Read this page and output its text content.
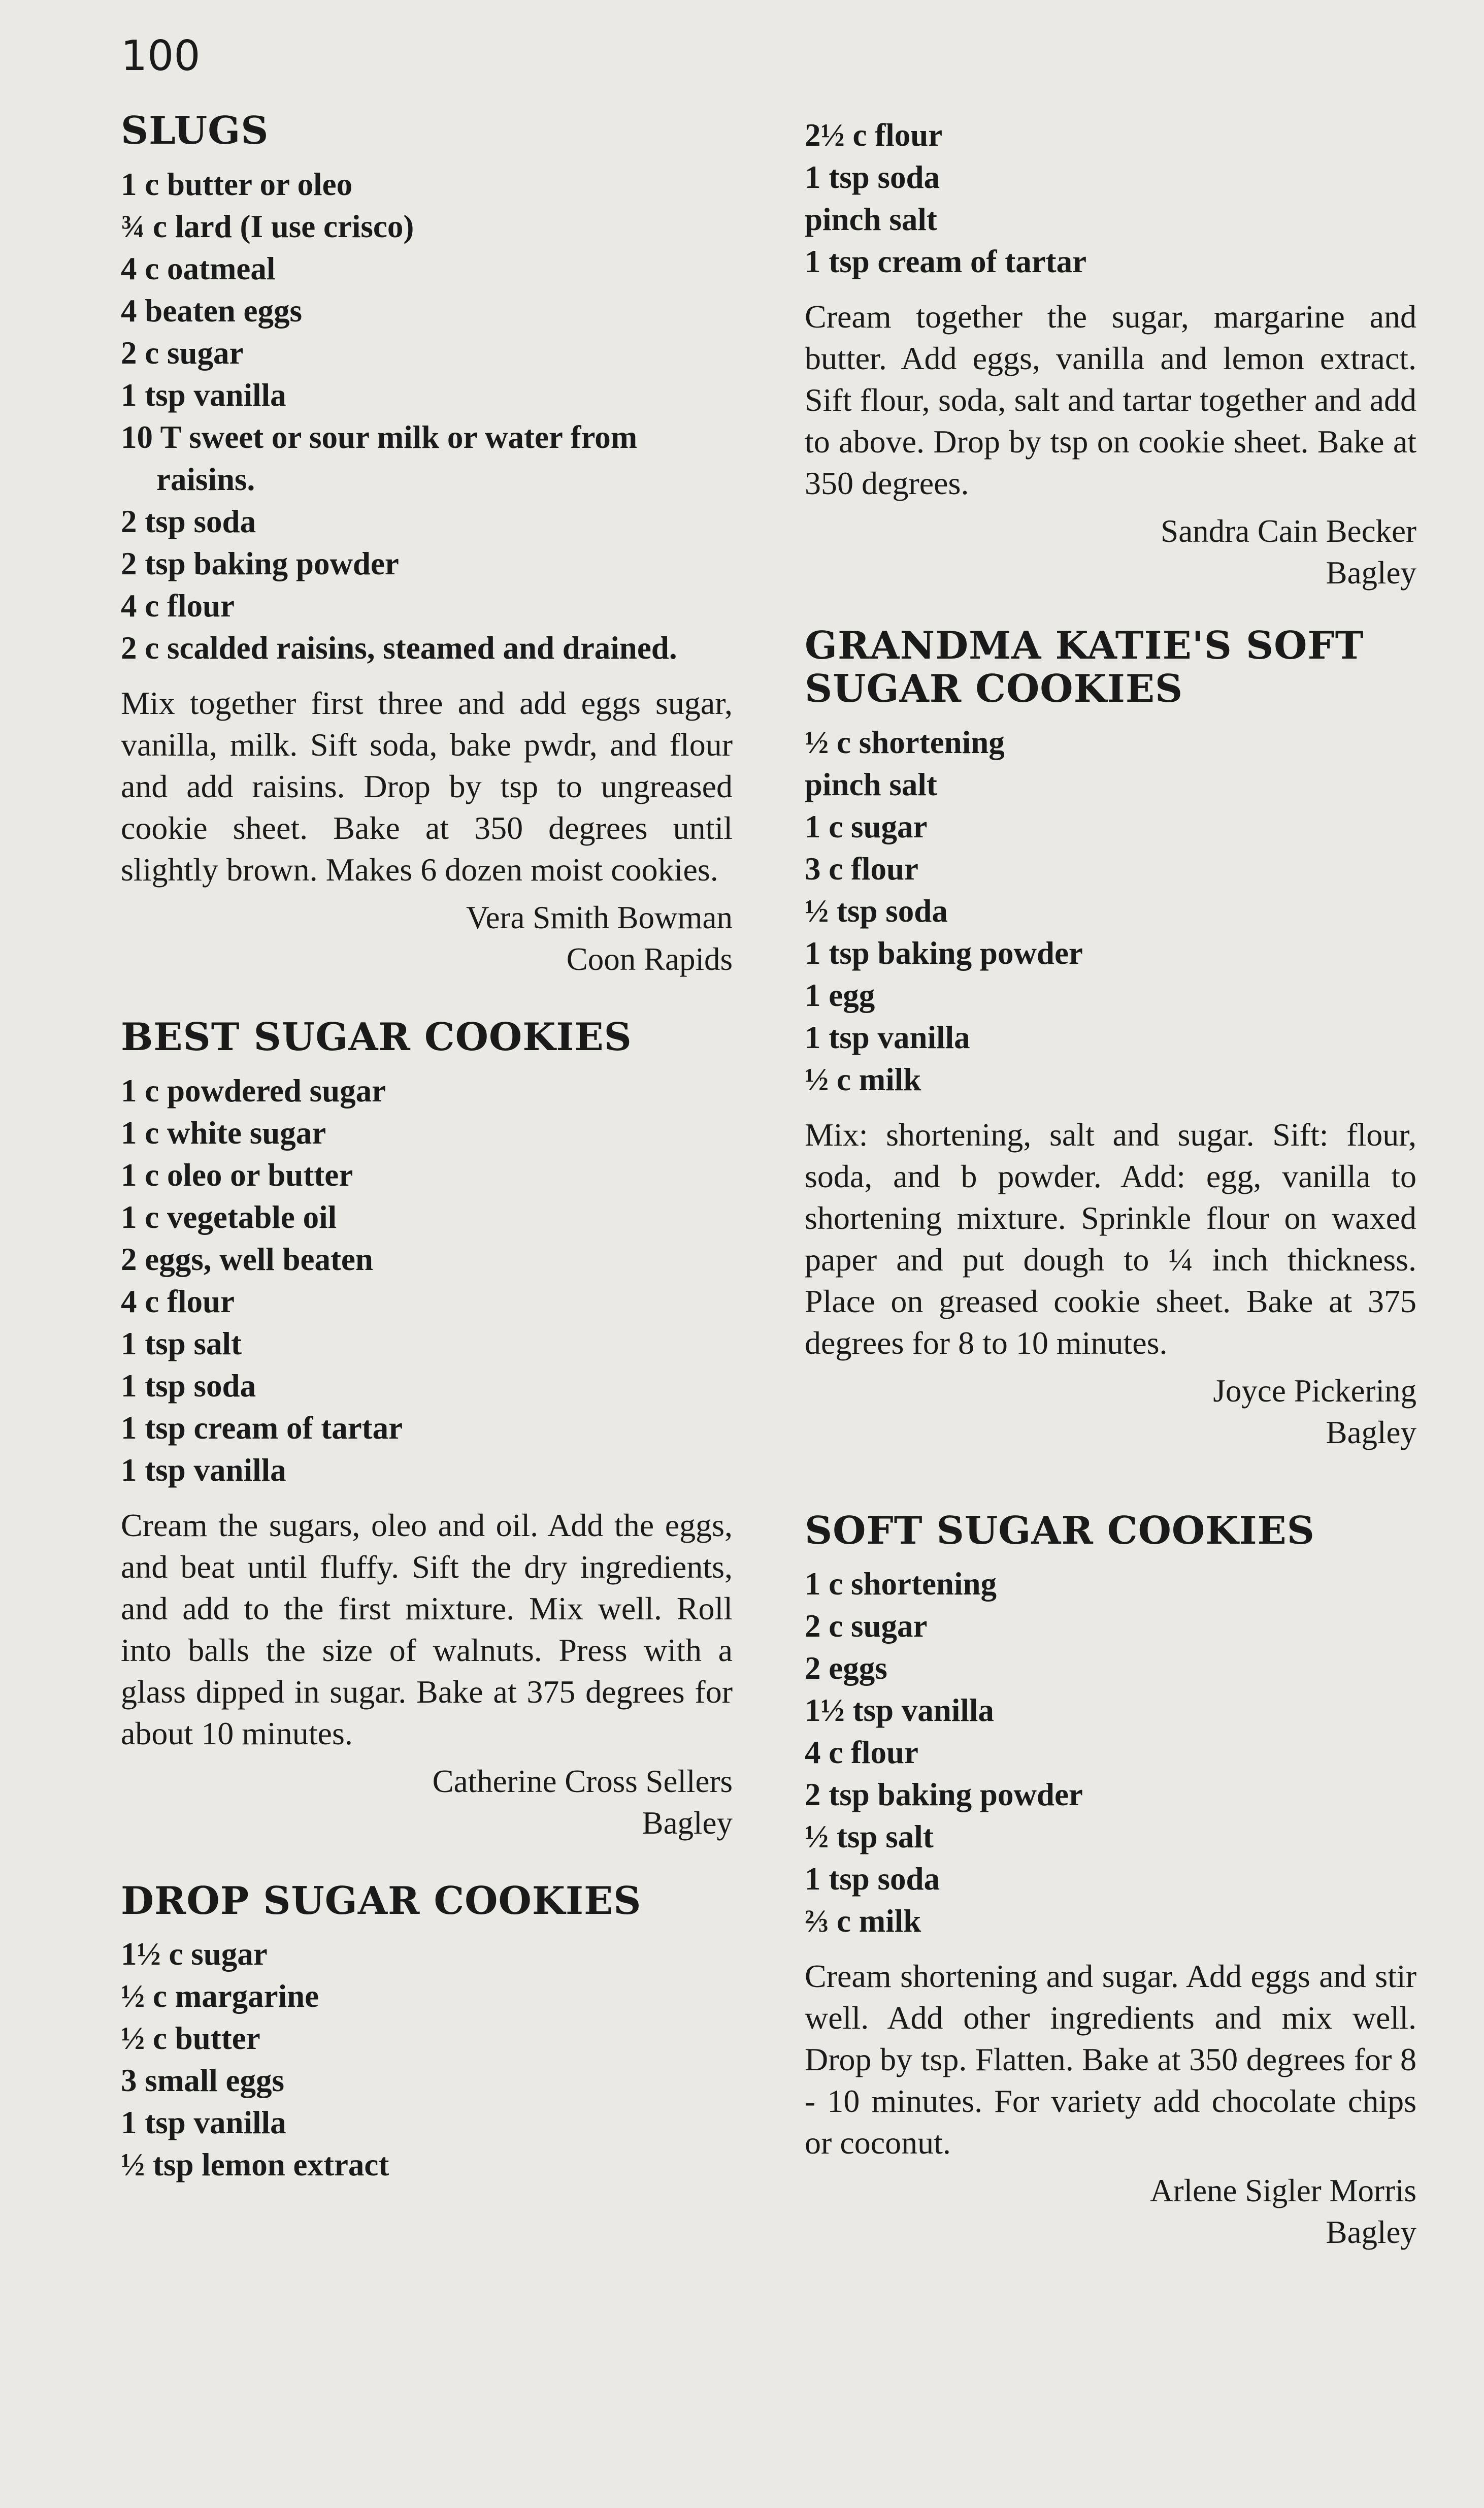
100
SLUGS
1 c butter or oleo
¾ c lard (I use crisco)
4 c oatmeal
4 beaten eggs
2 c sugar
1 tsp vanilla
10 T sweet or sour milk or water from raisins.
2 tsp soda
2 tsp baking powder
4 c flour
2 c scalded raisins, steamed and drained.

Mix together first three and add eggs sugar, vanilla, milk. Sift soda, bake pwdr, and flour and add raisins. Drop by tsp to ungreased cookie sheet. Bake at 350 degrees until slightly brown. Makes 6 dozen moist cookies.

Vera Smith Bowman
Coon Rapids
BEST SUGAR COOKIES
1 c powdered sugar
1 c white sugar
1 c oleo or butter
1 c vegetable oil
2 eggs, well beaten
4 c flour
1 tsp salt
1 tsp soda
1 tsp cream of tartar
1 tsp vanilla

Cream the sugars, oleo and oil. Add the eggs, and beat until fluffy. Sift the dry ingredients, and add to the first mixture. Mix well. Roll into balls the size of walnuts. Press with a glass dipped in sugar. Bake at 375 degrees for about 10 minutes.

Catherine Cross Sellers
Bagley
DROP SUGAR COOKIES
1½ c sugar
½ c margarine
½ c butter
3 small eggs
1 tsp vanilla
½ tsp lemon extract
2½ c flour
1 tsp soda
pinch salt
1 tsp cream of tartar

Cream together the sugar, margarine and butter. Add eggs, vanilla and lemon extract. Sift flour, soda, salt and tartar together and add to above. Drop by tsp on cookie sheet. Bake at 350 degrees.

Sandra Cain Becker
Bagley
GRANDMA KATIE'S SOFT SUGAR COOKIES
½ c shortening
pinch salt
1 c sugar
3 c flour
½ tsp soda
1 tsp baking powder
1 egg
1 tsp vanilla
½ c milk

Mix: shortening, salt and sugar. Sift: flour, soda, and b powder. Add: egg, vanilla to shortening mixture. Sprinkle flour on waxed paper and put dough to ¼ inch thickness. Place on greased cookie sheet. Bake at 375 degrees for 8 to 10 minutes.

Joyce Pickering
Bagley
SOFT SUGAR COOKIES
1 c shortening
2 c sugar
2 eggs
1½ tsp vanilla
4 c flour
2 tsp baking powder
½ tsp salt
1 tsp soda
⅔ c milk

Cream shortening and sugar. Add eggs and stir well. Add other ingredients and mix well. Drop by tsp. Flatten. Bake at 350 degrees for 8 - 10 minutes. For variety add chocolate chips or coconut.

Arlene Sigler Morris
Bagley
